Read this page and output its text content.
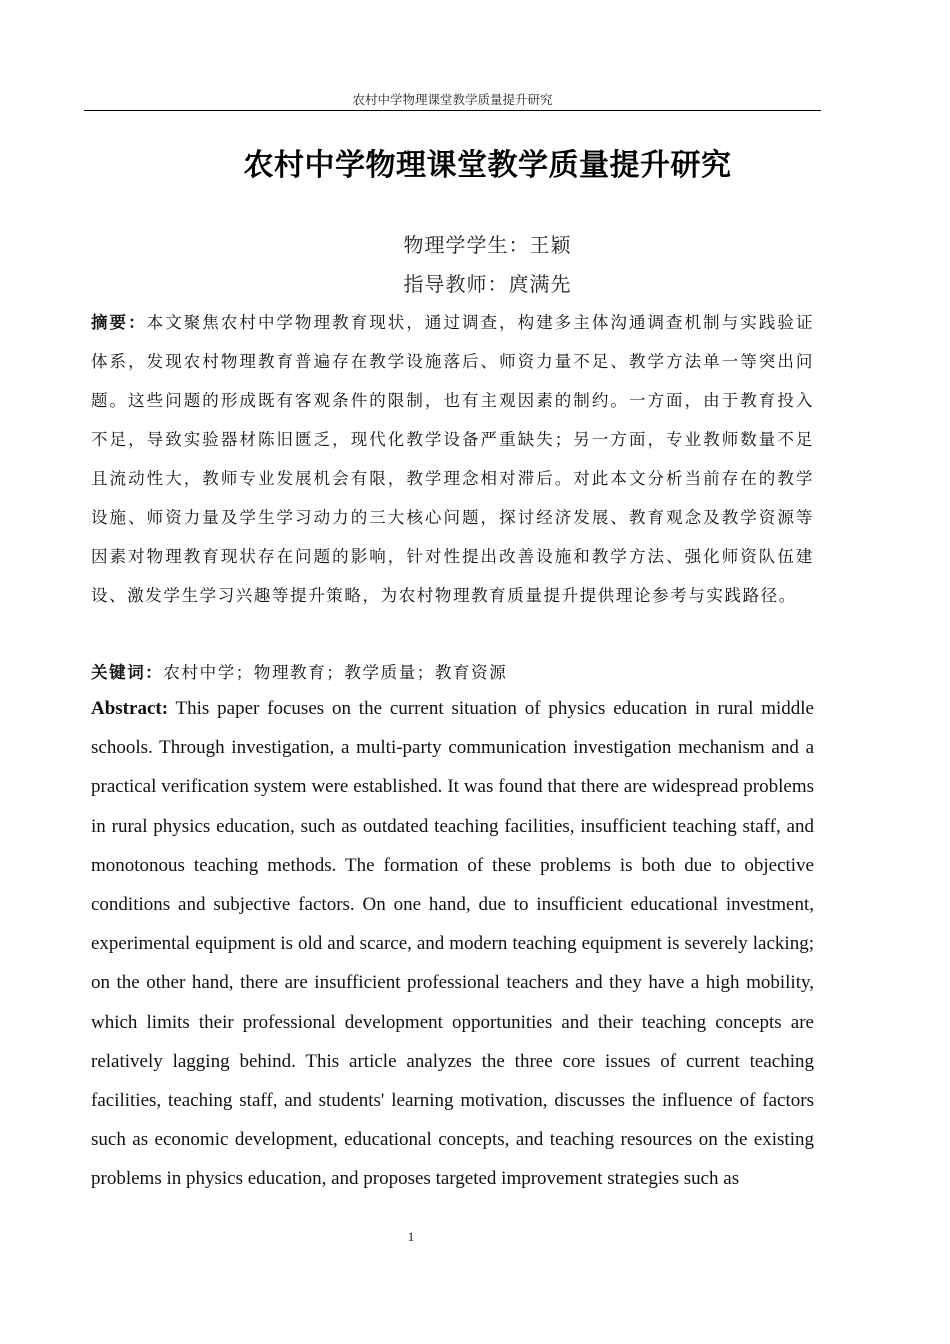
农村中学物理课堂教学质量提升研究
农村中学物理课堂教学质量提升研究
物理学学生：王颖
指导教师：庹满先
摘要：本文聚焦农村中学物理教育现状，通过调查，构建多主体沟通调查机制与实践验证体系，发现农村物理教育普遍存在教学设施落后、师资力量不足、教学方法单一等突出问题。这些问题的形成既有客观条件的限制，也有主观因素的制约。一方面，由于教育投入不足，导致实验器材陈旧匮乏，现代化教学设备严重缺失；另一方面，专业教师数量不足且流动性大，教师专业发展机会有限，教学理念相对滞后。对此本文分析当前存在的教学设施、师资力量及学生学习动力的三大核心问题，探讨经济发展、教育观念及教学资源等因素对物理教育现状存在问题的影响，针对性提出改善设施和教学方法、强化师资队伍建设、激发学生学习兴趣等提升策略，为农村物理教育质量提升提供理论参考与实践路径。
关键词：农村中学；物理教育；教学质量；教育资源
Abstract: This paper focuses on the current situation of physics education in rural middle schools. Through investigation, a multi-party communication investigation mechanism and a practical verification system were established. It was found that there are widespread problems in rural physics education, such as outdated teaching facilities, insufficient teaching staff, and monotonous teaching methods. The formation of these problems is both due to objective conditions and subjective factors. On one hand, due to insufficient educational investment, experimental equipment is old and scarce, and modern teaching equipment is severely lacking; on the other hand, there are insufficient professional teachers and they have a high mobility, which limits their professional development opportunities and their teaching concepts are relatively lagging behind. This article analyzes the three core issues of current teaching facilities, teaching staff, and students' learning motivation, discusses the influence of factors such as economic development, educational concepts, and teaching resources on the existing problems in physics education, and proposes targeted improvement strategies such as
1
